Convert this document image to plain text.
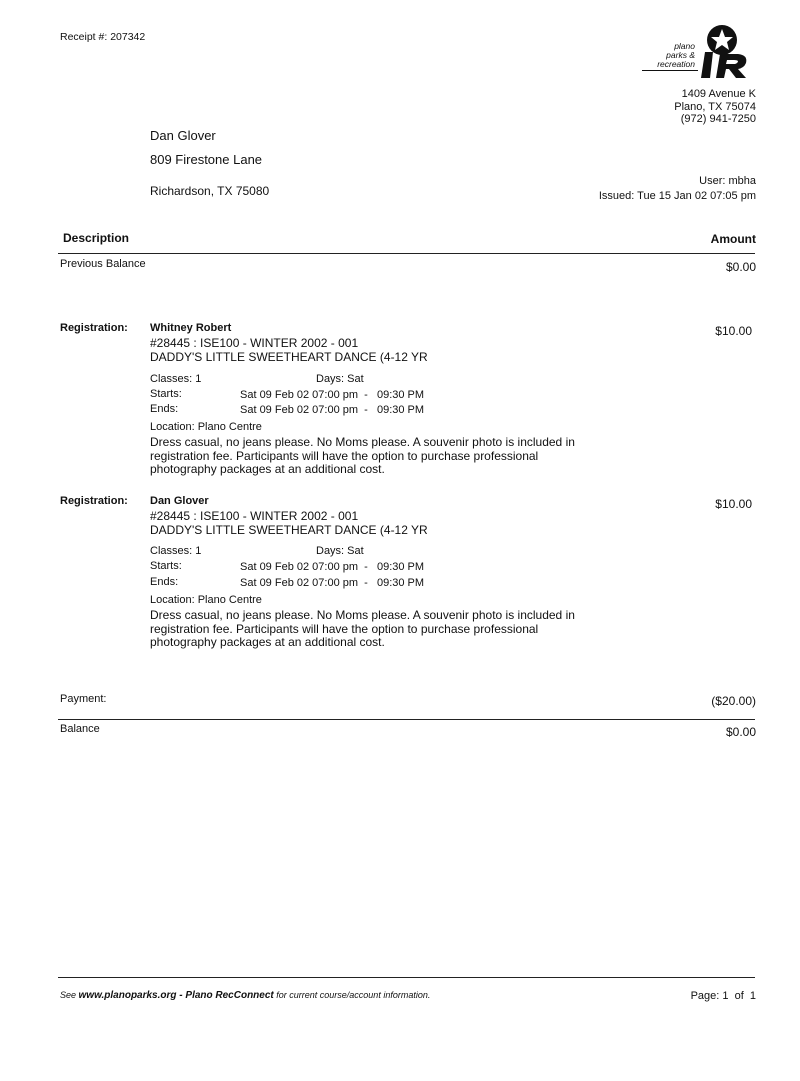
Receipt #: 207342
plano
parks &
recreation
1409 Avenue K
Plano, TX 75074
(972) 941-7250
Dan Glover
809 Firestone Lane
Richardson, TX 75080
User: mbha
Issued: Tue 15 Jan 02 07:05 pm
Description	Amount
Previous Balance	$0.00
Registration: Whitney Robert	$10.00
#28445 : ISE100 - WINTER 2002 - 001
DADDY'S LITTLE SWEETHEART DANCE (4-12 YR
Classes: 1	Days: Sat
Starts:	Sat 09 Feb 02 07:00 pm  -   09:30 PM
Ends:	Sat 09 Feb 02 07:00 pm  -   09:30 PM
Location: Plano Centre
Dress casual, no jeans please. No Moms please. A souvenir photo is included in registration fee. Participants will have the option to purchase professional photography packages at an additional cost.
Registration: Dan Glover	$10.00
#28445 : ISE100 - WINTER 2002 - 001
DADDY'S LITTLE SWEETHEART DANCE (4-12 YR
Classes: 1	Days: Sat
Starts:	Sat 09 Feb 02 07:00 pm  -   09:30 PM
Ends:	Sat 09 Feb 02 07:00 pm  -   09:30 PM
Location: Plano Centre
Dress casual, no jeans please. No Moms please. A souvenir photo is included in registration fee. Participants will have the option to purchase professional photography packages at an additional cost.
Payment:	($20.00)
Balance	$0.00
See www.planoparks.org - Plano RecConnect for current course/account information.	Page: 1  of  1
